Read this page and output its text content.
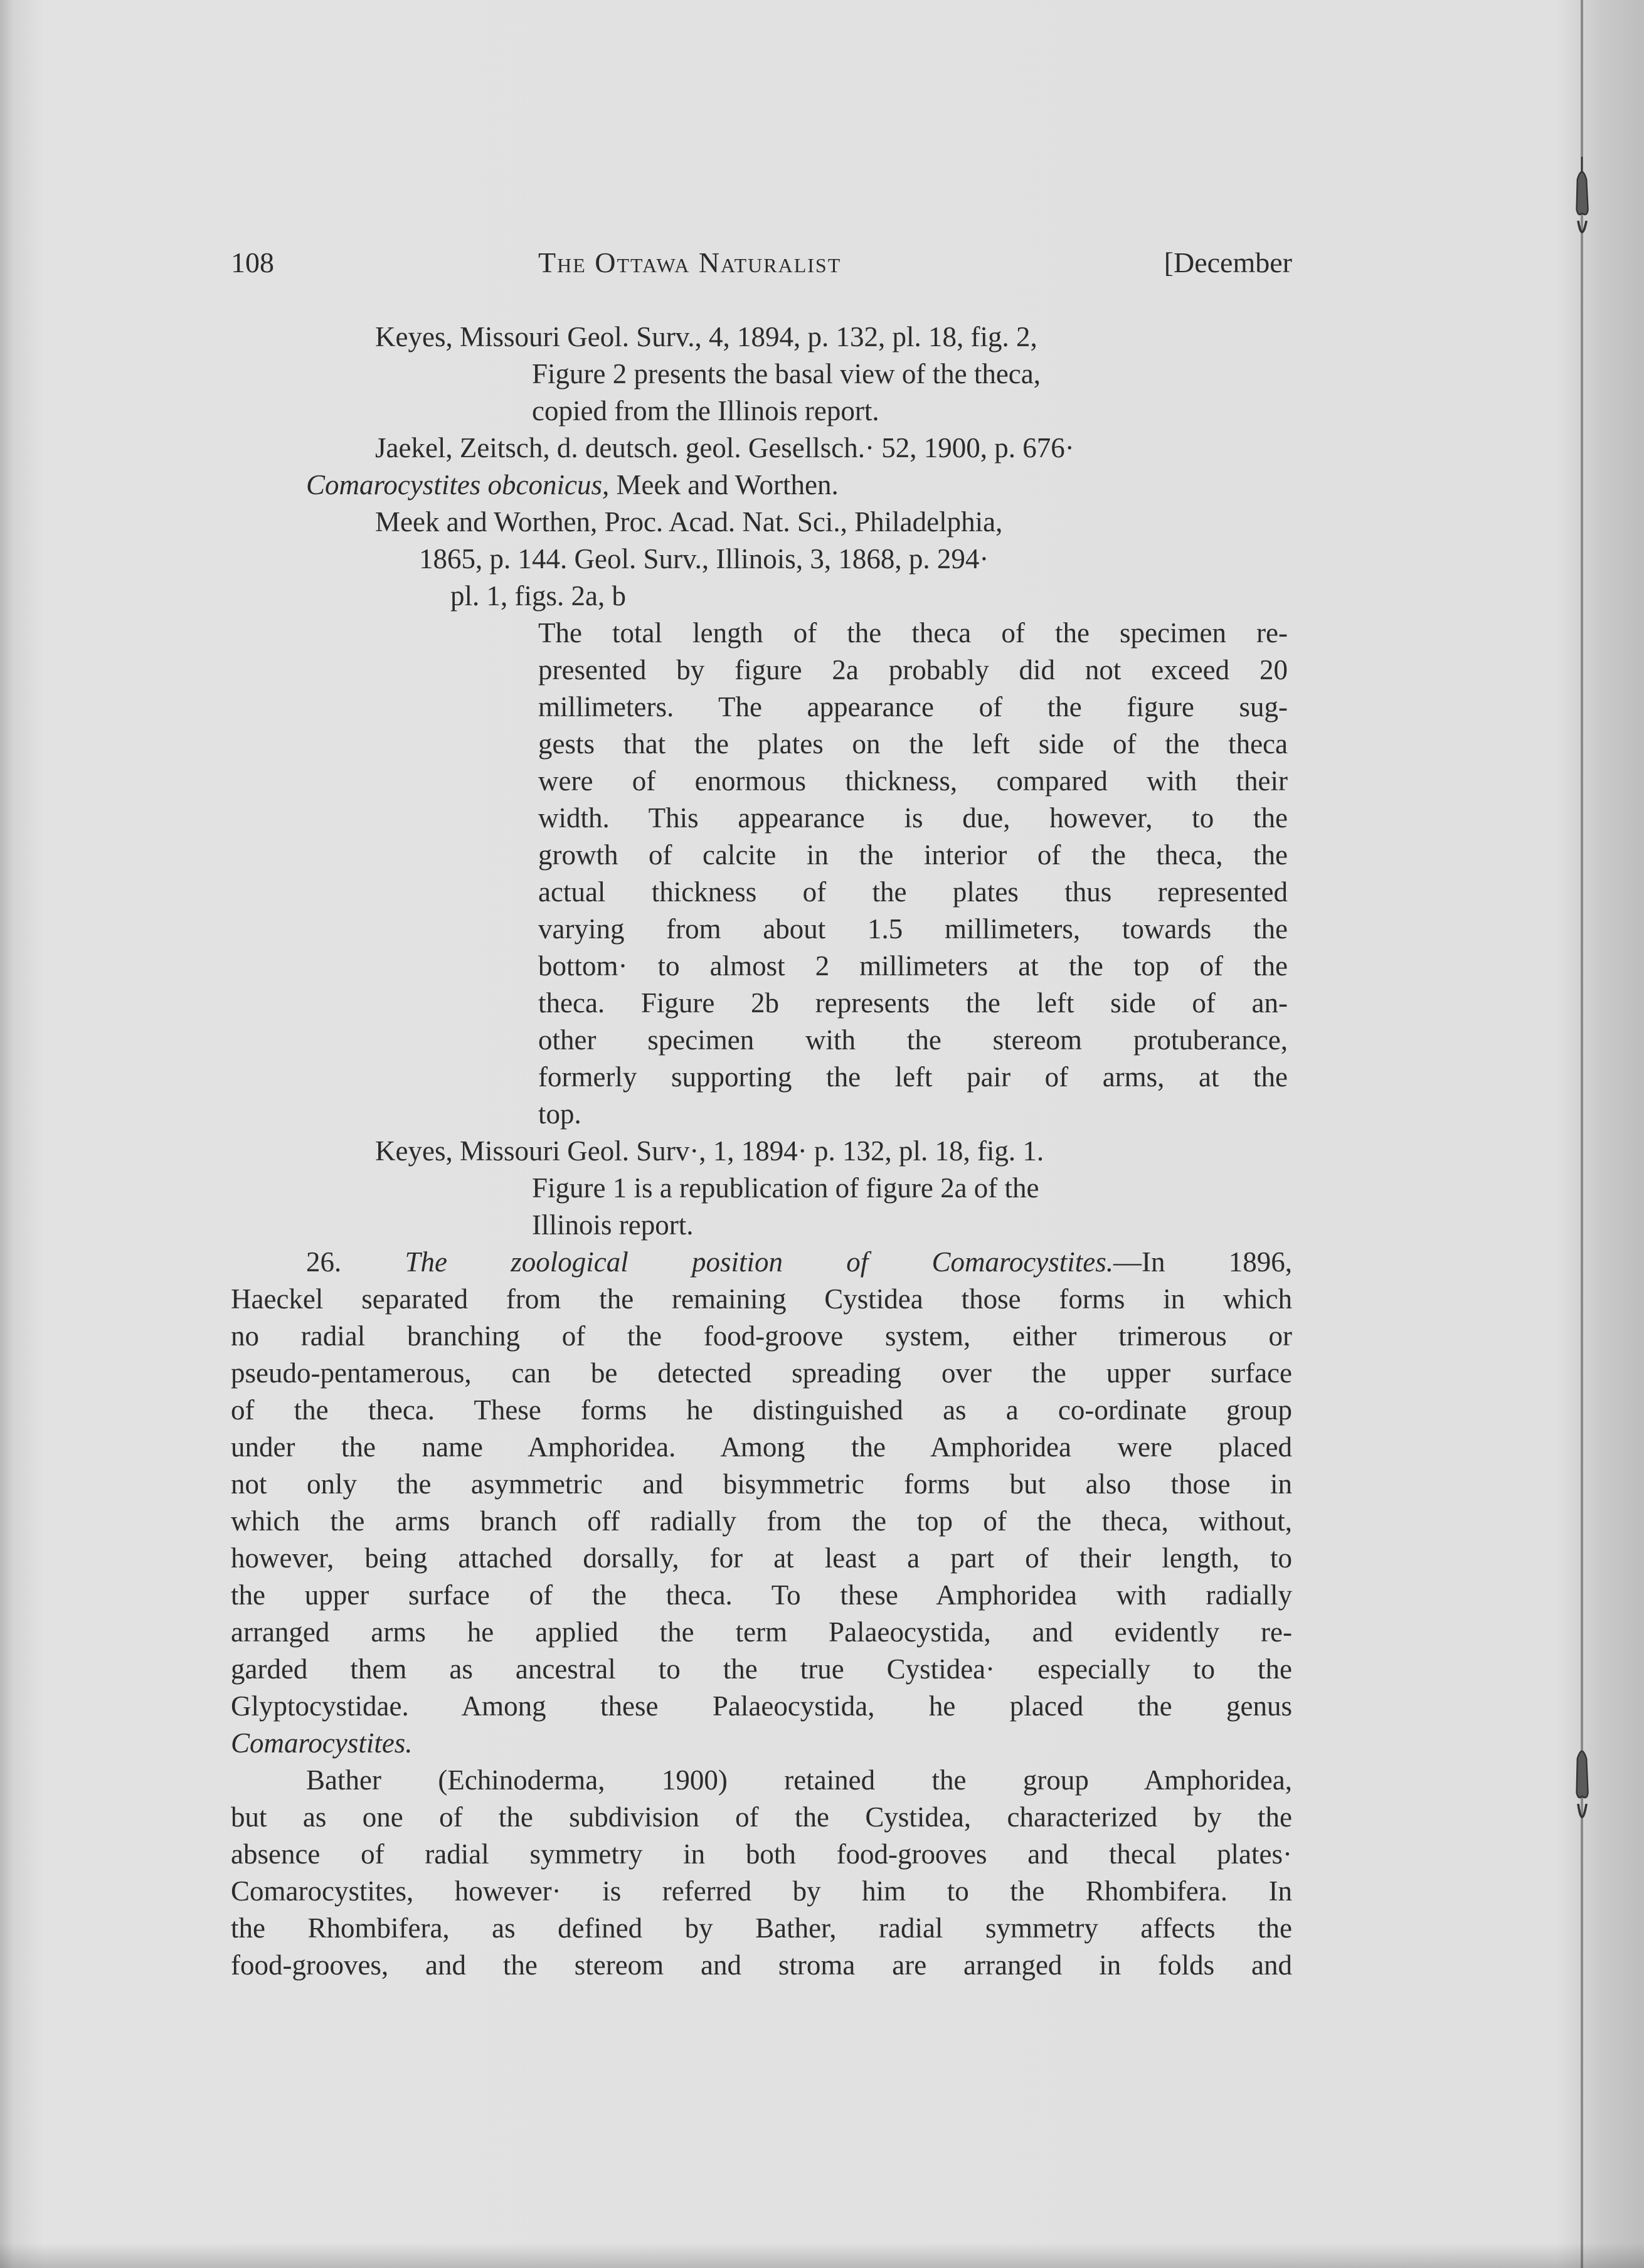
108	The Ottawa Naturalist	[December
Keyes, Missouri Geol. Surv., 4, 1894, p. 132, pl. 18, fig. 2,
Figure 2 presents the basal view of the theca,
copied from the Illinois report.
Jaekel, Zeitsch, d. deutsch. geol. Gesellsch.· 52, 1900, p. 676·
Comarocystites obconicus, Meek and Worthen.
Meek and Worthen, Proc. Acad. Nat. Sci., Philadelphia,
1865, p. 144. Geol. Surv., Illinois, 3, 1868, p. 294·
pl. 1, figs. 2a, b
The total length of the theca of the specimen re-
presented by figure 2a probably did not exceed 20
millimeters. The appearance of the figure sug-
gests that the plates on the left side of the theca
were of enormous thickness, compared with their
width. This appearance is due, however, to the
growth of calcite in the interior of the theca, the
actual thickness of the plates thus represented
varying from about 1.5 millimeters, towards the
bottom· to almost 2 millimeters at the top of the
theca. Figure 2b represents the left side of an-
other specimen with the stereom protuberance,
formerly supporting the left pair of arms, at the
top.
Keyes, Missouri Geol. Surv·, 1, 1894· p. 132, pl. 18, fig. 1.
Figure 1 is a republication of figure 2a of the
Illinois report.
26. The zoological position of Comarocystites.—In 1896,
Haeckel separated from the remaining Cystidea those forms in which
no radial branching of the food-groove system, either trimerous or
pseudo-pentamerous, can be detected spreading over the upper surface
of the theca. These forms he distinguished as a co-ordinate group
under the name Amphoridea. Among the Amphoridea were placed
not only the asymmetric and bisymmetric forms but also those in
which the arms branch off radially from the top of the theca, without,
however, being attached dorsally, for at least a part of their length, to
the upper surface of the theca. To these Amphoridea with radially
arranged arms he applied the term Palaeocystida, and evidently re-
garded them as ancestral to the true Cystidea· especially to the
Glyptocystidae. Among these Palaeocystida, he placed the genus
Comarocystites.
Bather (Echinoderma, 1900) retained the group Amphoridea,
but as one of the subdivision of the Cystidea, characterized by the
absence of radial symmetry in both food-grooves and thecal plates·
Comarocystites, however· is referred by him to the Rhombifera. In
the Rhombifera, as defined by Bather, radial symmetry affects the
food-grooves, and the stereom and stroma are arranged in folds and
